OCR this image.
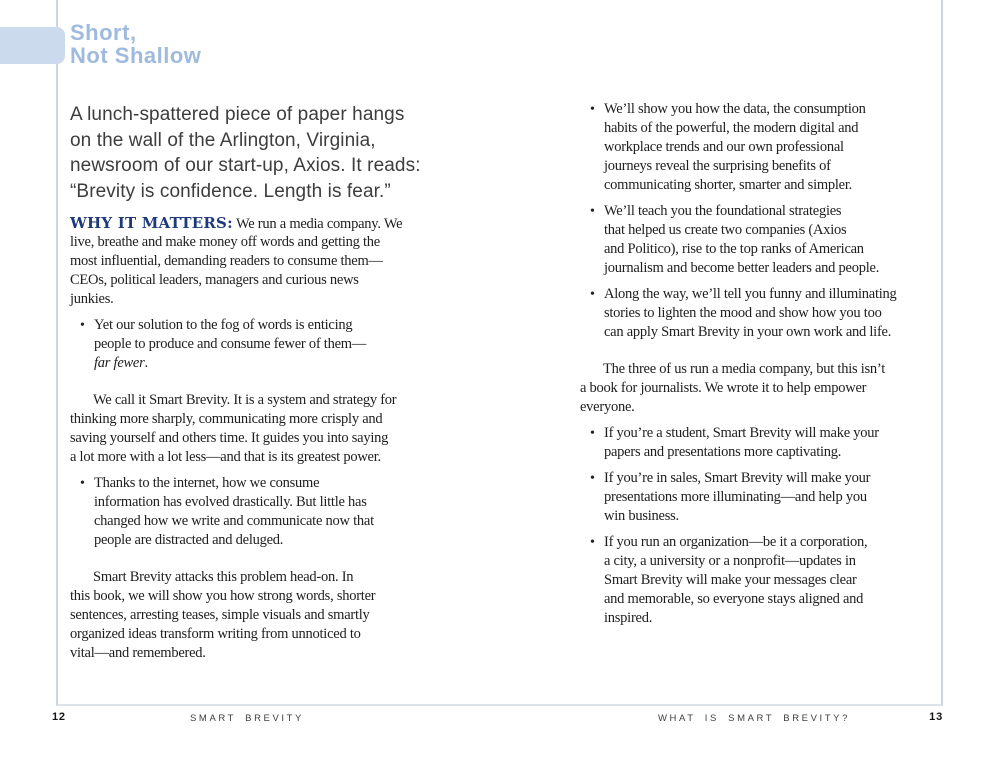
Short,
Not Shallow
A lunch-spattered piece of paper hangs
on the wall of the Arlington, Virginia,
newsroom of our start-up, Axios. It reads:
“Brevity is confidence. Length is fear.”
WHY IT MATTERS: We run a media company. We
live, breathe and make money off words and getting the
most influential, demanding readers to consume them—
CEOs, political leaders, managers and curious news
junkies.
• Yet our solution to the fog of words is enticing
people to produce and consume fewer of them—
far fewer.
We call it Smart Brevity. It is a system and strategy for
thinking more sharply, communicating more crisply and
saving yourself and others time. It guides you into saying
a lot more with a lot less—and that is its greatest power.
• Thanks to the internet, how we consume
information has evolved drastically. But little has
changed how we write and communicate now that
people are distracted and deluged.
Smart Brevity attacks this problem head-on. In
this book, we will show you how strong words, shorter
sentences, arresting teases, simple visuals and smartly
organized ideas transform writing from unnoticed to
vital—and remembered.
• We’ll show you how the data, the consumption
habits of the powerful, the modern digital and
workplace trends and our own professional
journeys reveal the surprising benefits of
communicating shorter, smarter and simpler.
• We’ll teach you the foundational strategies
that helped us create two companies (Axios
and Politico), rise to the top ranks of American
journalism and become better leaders and people.
• Along the way, we’ll tell you funny and illuminating
stories to lighten the mood and show how you too
can apply Smart Brevity in your own work and life.
The three of us run a media company, but this isn’t
a book for journalists. We wrote it to help empower
everyone.
• If you’re a student, Smart Brevity will make your
papers and presentations more captivating.
• If you’re in sales, Smart Brevity will make your
presentations more illuminating—and help you
win business.
• If you run an organization—be it a corporation,
a city, a university or a nonprofit—updates in
Smart Brevity will make your messages clear
and memorable, so everyone stays aligned and
inspired.
12	SMART BREVITY	WHAT IS SMART BREVITY?	13
